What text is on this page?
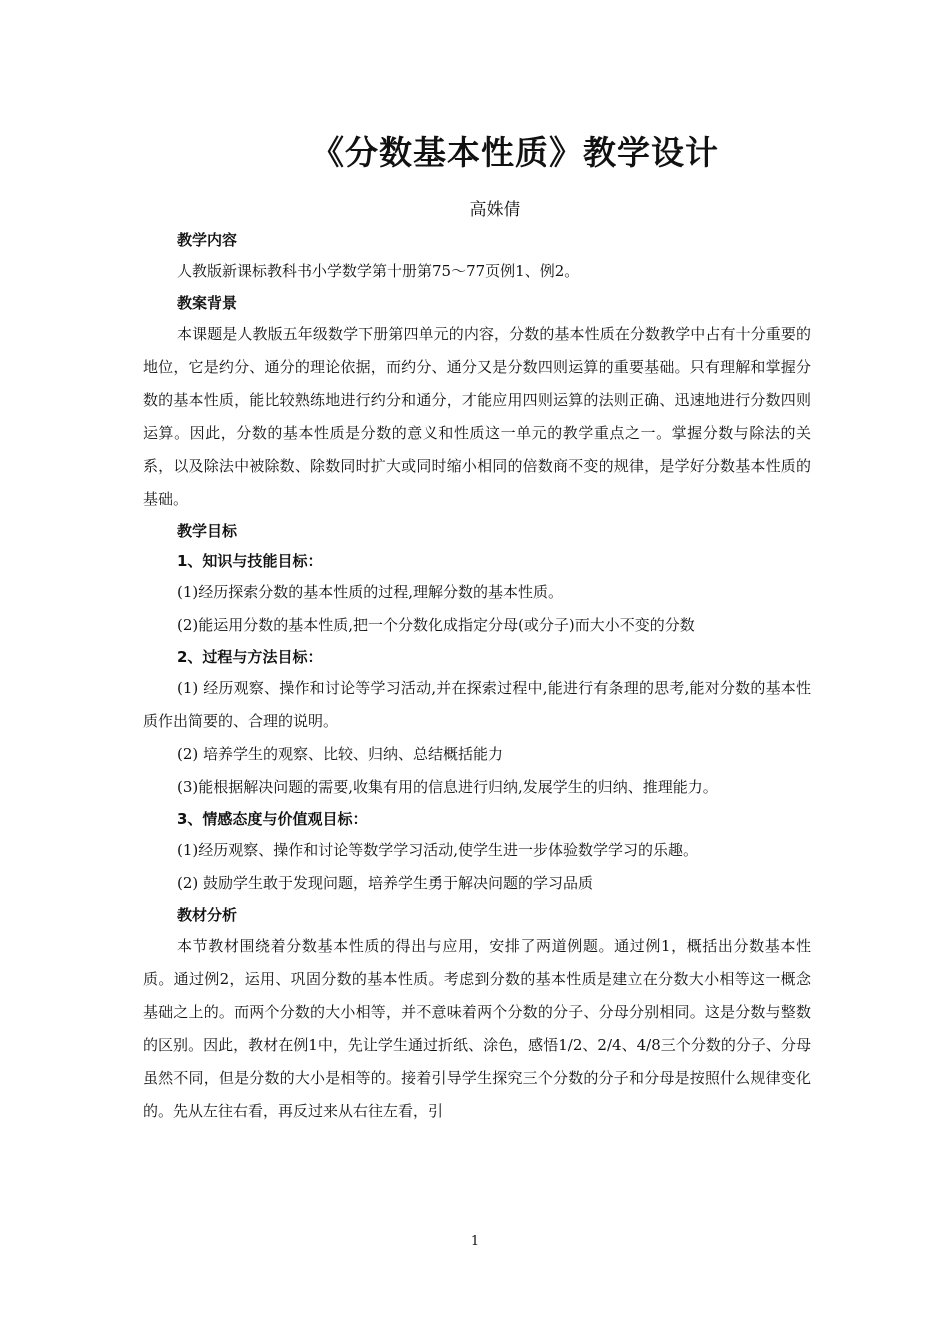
《分数基本性质》教学设计
高姝倩
教学内容
人教版新课标教科书小学数学第十册第75～77页例1、例2。
教案背景
本课题是人教版五年级数学下册第四单元的内容，分数的基本性质在分数教学中占有十分重要的地位，它是约分、通分的理论依据，而约分、通分又是分数四则运算的重要基础。只有理解和掌握分数的基本性质，能比较熟练地进行约分和通分，才能应用四则运算的法则正确、迅速地进行分数四则运算。因此，分数的基本性质是分数的意义和性质这一单元的教学重点之一。掌握分数与除法的关系，以及除法中被除数、除数同时扩大或同时缩小相同的倍数商不变的规律，是学好分数基本性质的基础。
教学目标
1、知识与技能目标：
(1)经历探索分数的基本性质的过程,理解分数的基本性质。
(2)能运用分数的基本性质,把一个分数化成指定分母(或分子)而大小不变的分数
2、过程与方法目标：
(1) 经历观察、操作和讨论等学习活动,并在探索过程中,能进行有条理的思考,能对分数的基本性质作出简要的、合理的说明。
(2) 培养学生的观察、比较、归纳、总结概括能力
(3)能根据解决问题的需要,收集有用的信息进行归纳,发展学生的归纳、推理能力。
3、情感态度与价值观目标：
(1)经历观察、操作和讨论等数学学习活动,使学生进一步体验数学学习的乐趣。
(2) 鼓励学生敢于发现问题，培养学生勇于解决问题的学习品质
教材分析
本节教材围绕着分数基本性质的得出与应用，安排了两道例题。通过例1，概括出分数基本性质。通过例2，运用、巩固分数的基本性质。考虑到分数的基本性质是建立在分数大小相等这一概念基础之上的。而两个分数的大小相等，并不意味着两个分数的分子、分母分别相同。这是分数与整数的区别。因此，教材在例1中，先让学生通过折纸、涂色，感悟1/2、2/4、4/8三个分数的分子、分母虽然不同，但是分数的大小是相等的。接着引导学生探究三个分数的分子和分母是按照什么规律变化的。先从左往右看，再反过来从右往左看，引
1
